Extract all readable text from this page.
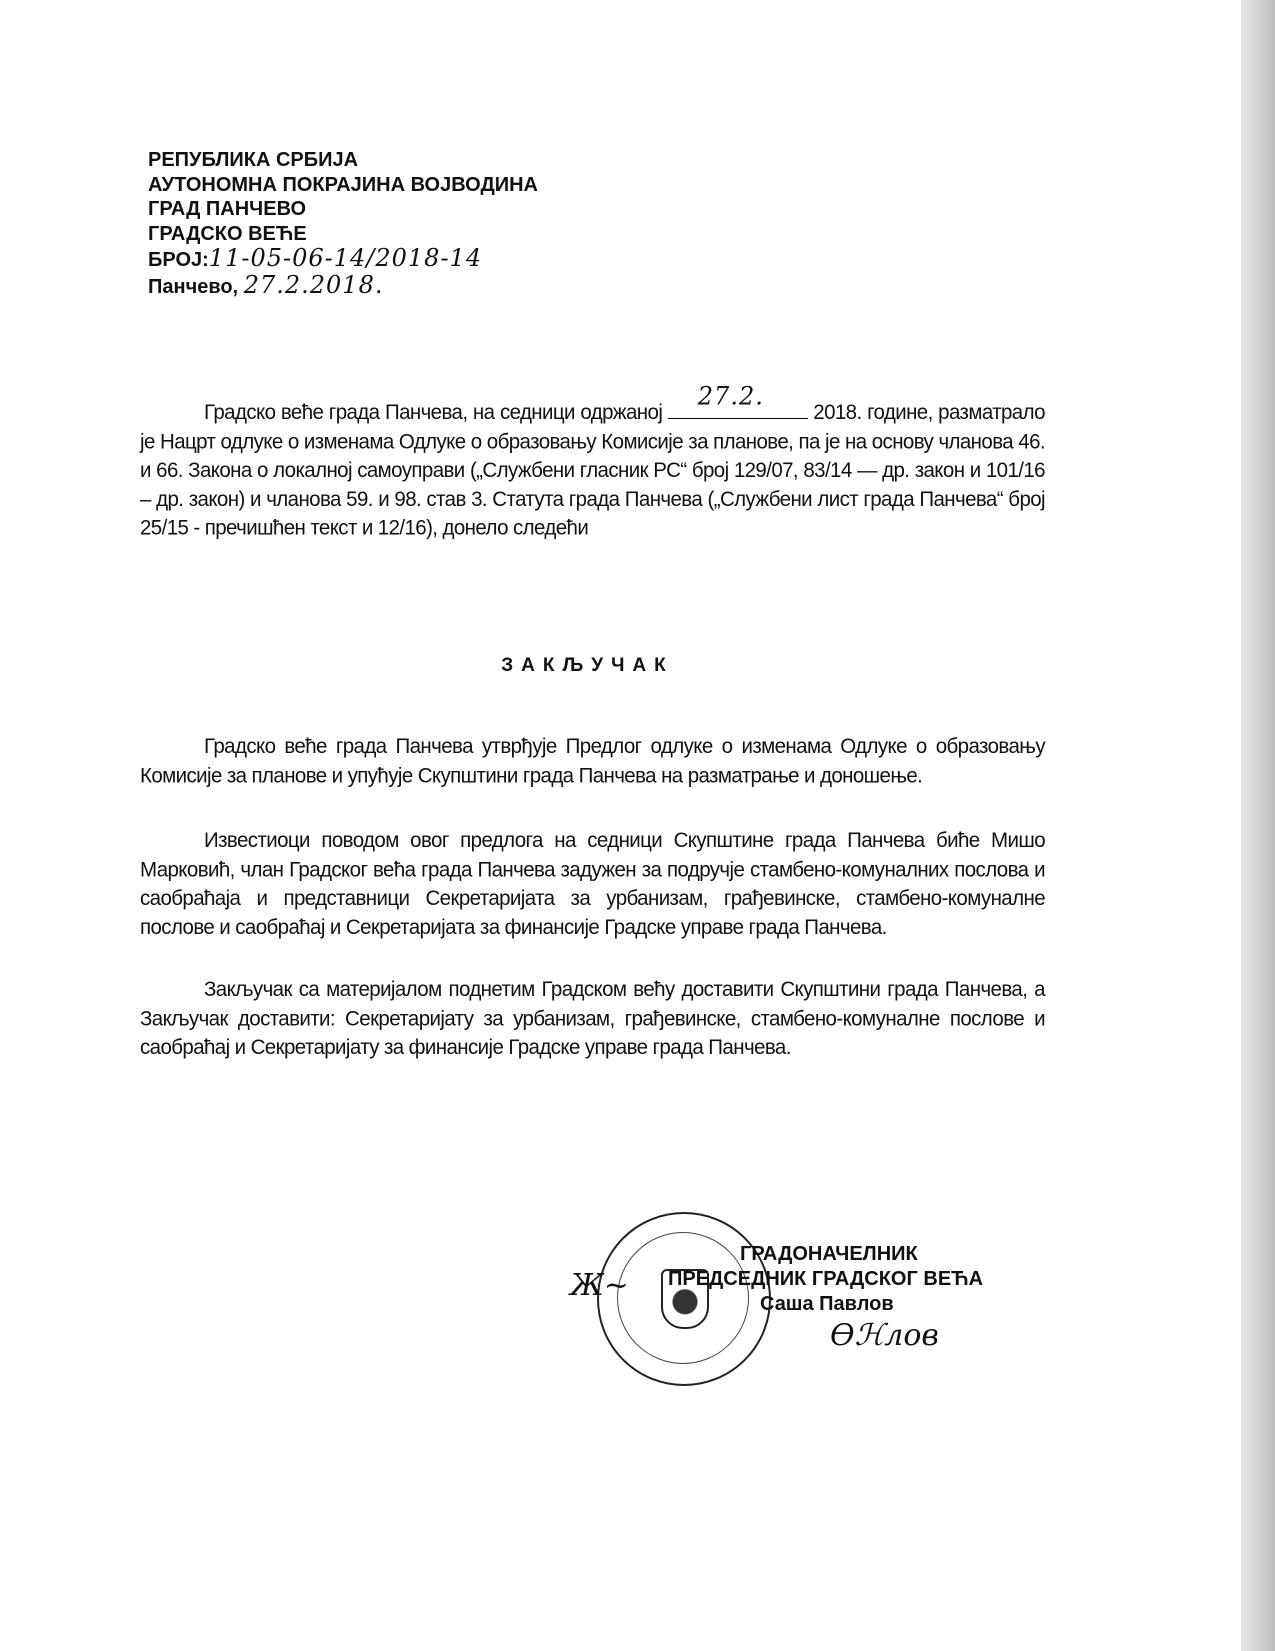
РЕПУБЛИКА СРБИЈА
АУТОНОМНА ПОКРАЈИНА ВОЈВОДИНА
ГРАД ПАНЧЕВО
ГРАДСКО ВЕЋЕ
БРОЈ:11-05-06-14/2018-14
Панчево, 27.2.2018.
Градско веће града Панчева, на седници одржаној
27.2.
2018. године, разматрало је Нацрт одлуке о изменама Одлуке о образовању Комисије за планове, па је на основу чланова 46. и 66. Закона о локалној самоуправи („Службени гласник РС“ број 129/07, 83/14 — др. закон и 101/16 – др. закон) и чланова 59. и 98. став 3. Статута града Панчева („Службени лист града Панчева“ број 25/15 - пречишћен текст и 12/16), донело следећи
ЗАКЉУЧАК
Градско веће града Панчева утврђује Предлог одлуке о изменама Одлуке о образовању Комисије за планове и упућује Скупштини града Панчева на разматрање и доношење.
Известиоци поводом овог предлога на седници Скупштине града Панчева биће Мишо Марковић, члан Градског већа града Панчева задужен за подручје стамбено-комуналних послова и саобраћаја и представници Секретаријата за урбанизам, грађевинске, стамбено-комуналне послове и саобраћај и Секретаријата за финансије Градске управе града Панчева.
Закључак са материјалом поднетим Градском већу доставити Скупштини града Панчева, а Закључак доставити: Секретаријату за урбанизам, грађевинске, стамбено-комуналне послове и саобраћај и Секретаријату за финансије Градске управе града Панчева.
Ж~
ГРАДОНАЧЕЛНИК
ПРЕДСЕДНИК ГРАДСКОГ ВЕЋА
Саша Павлов
Ѳℋлов
